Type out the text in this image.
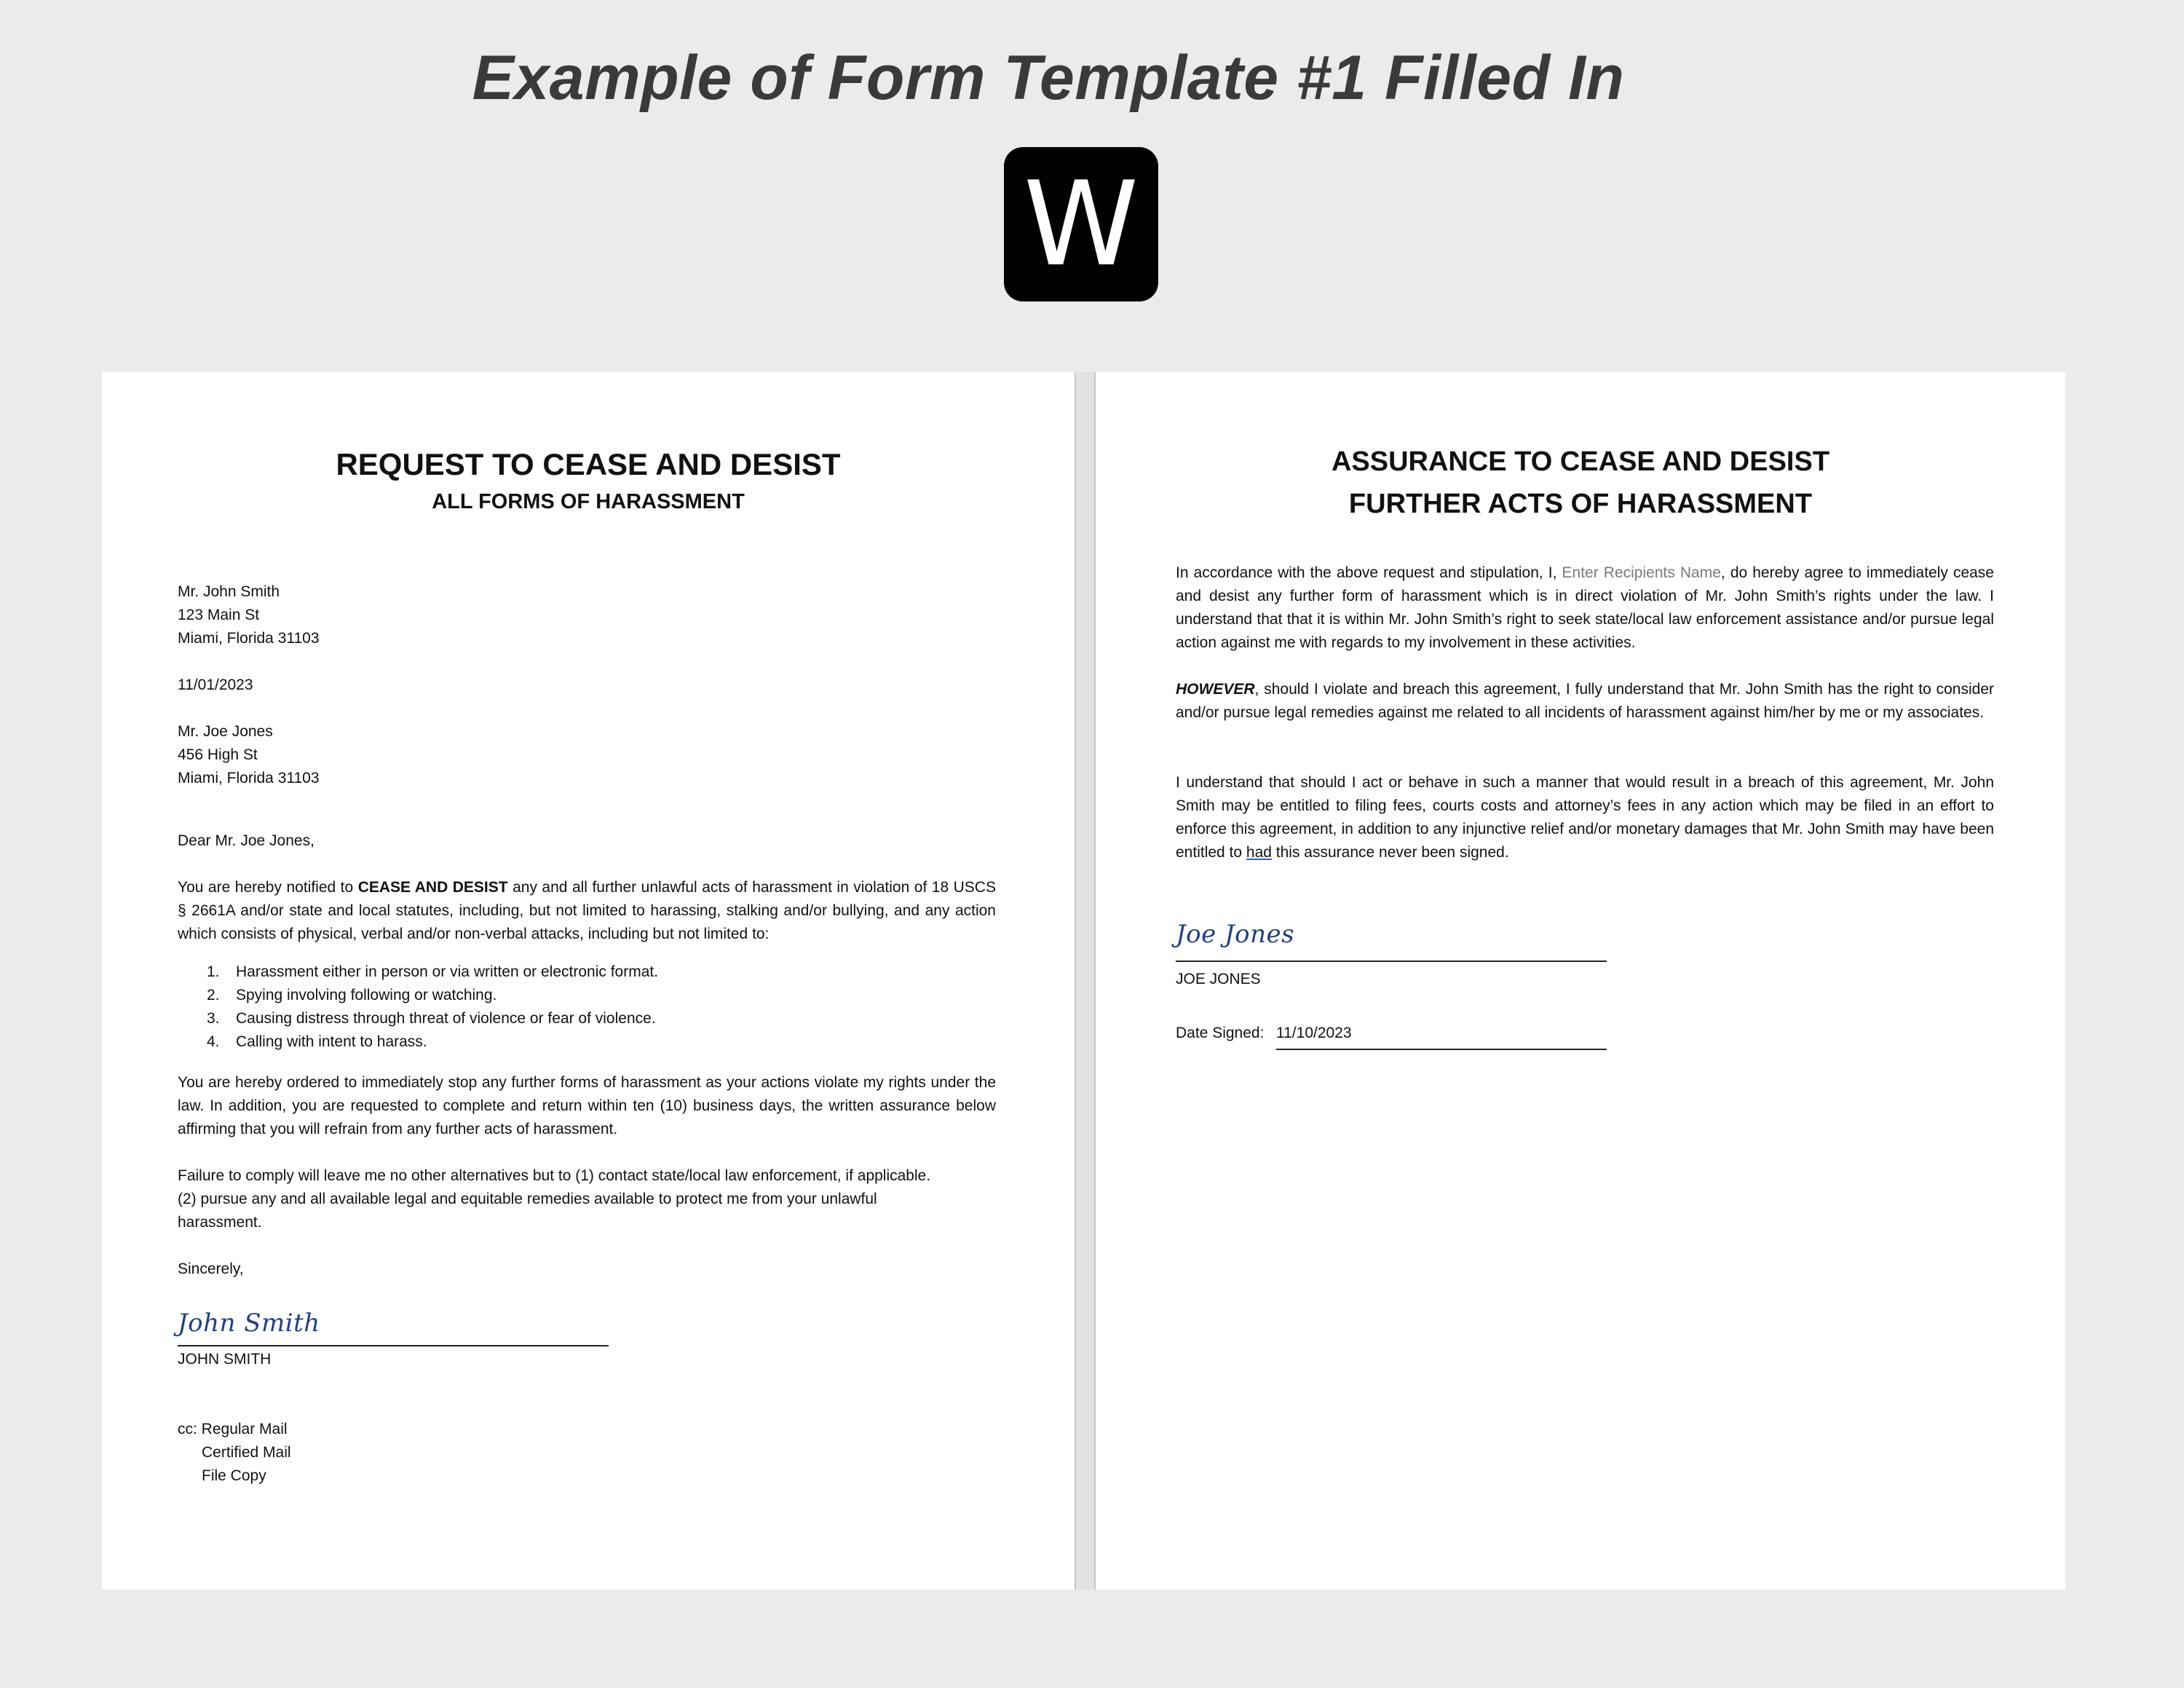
Example of Form Template #1 Filled In
W
REQUEST TO CEASE AND DESIST
ALL FORMS OF HARASSMENT
Mr. John Smith
123 Main St
Miami, Florida 31103
11/01/2023
Mr. Joe Jones
456 High St
Miami, Florida 31103
Dear Mr. Joe Jones,

You are hereby notified to CEASE AND DESIST any and all further unlawful acts of harassment in violation of 18 USCS § 2661A and/or state and local statutes, including, but not limited to harassing, stalking and/or bullying, and any action which consists of physical, verbal and/or non-verbal attacks, including but not limited to:

1.	Harassment either in person or via written or electronic format.
2.	Spying involving following or watching.
3.	Causing distress through threat of violence or fear of violence.
4.	Calling with intent to harass.

You are hereby ordered to immediately stop any further forms of harassment as your actions violate my rights under the law. In addition, you are requested to complete and return within ten (10) business days, the written assurance below affirming that you will refrain from any further acts of harassment.

Failure to comply will leave me no other alternatives but to (1) contact state/local law enforcement, if applicable.
(2) pursue any and all available legal and equitable remedies available to protect me from your unlawful
harassment.
Sincerely,
John Smith
JOHN SMITH
cc: Regular Mail
Certified Mail
File Copy
ASSURANCE TO CEASE AND DESIST
FURTHER ACTS OF HARASSMENT

In accordance with the above request and stipulation, I, Enter Recipients Name, do hereby agree to immediately cease and desist any further form of harassment which is in direct violation of Mr. John Smith’s rights under the law. I understand that that it is within Mr. John Smith’s right to seek state/local law enforcement assistance and/or pursue legal action against me with regards to my involvement in these activities.

HOWEVER, should I violate and breach this agreement, I fully understand that Mr. John Smith has the right to consider and/or pursue legal remedies against me related to all incidents of harassment against him/her by me or my associates.

I understand that should I act or behave in such a manner that would result in a breach of this agreement, Mr. John Smith may be entitled to filing fees, courts costs and attorney’s fees in any action which may be filed in an effort to enforce this agreement, in addition to any injunctive relief and/or monetary damages that Mr. John Smith may have been entitled to had this assurance never been signed.

Joe Jones
JOE JONES
Date Signed: 11/10/2023
